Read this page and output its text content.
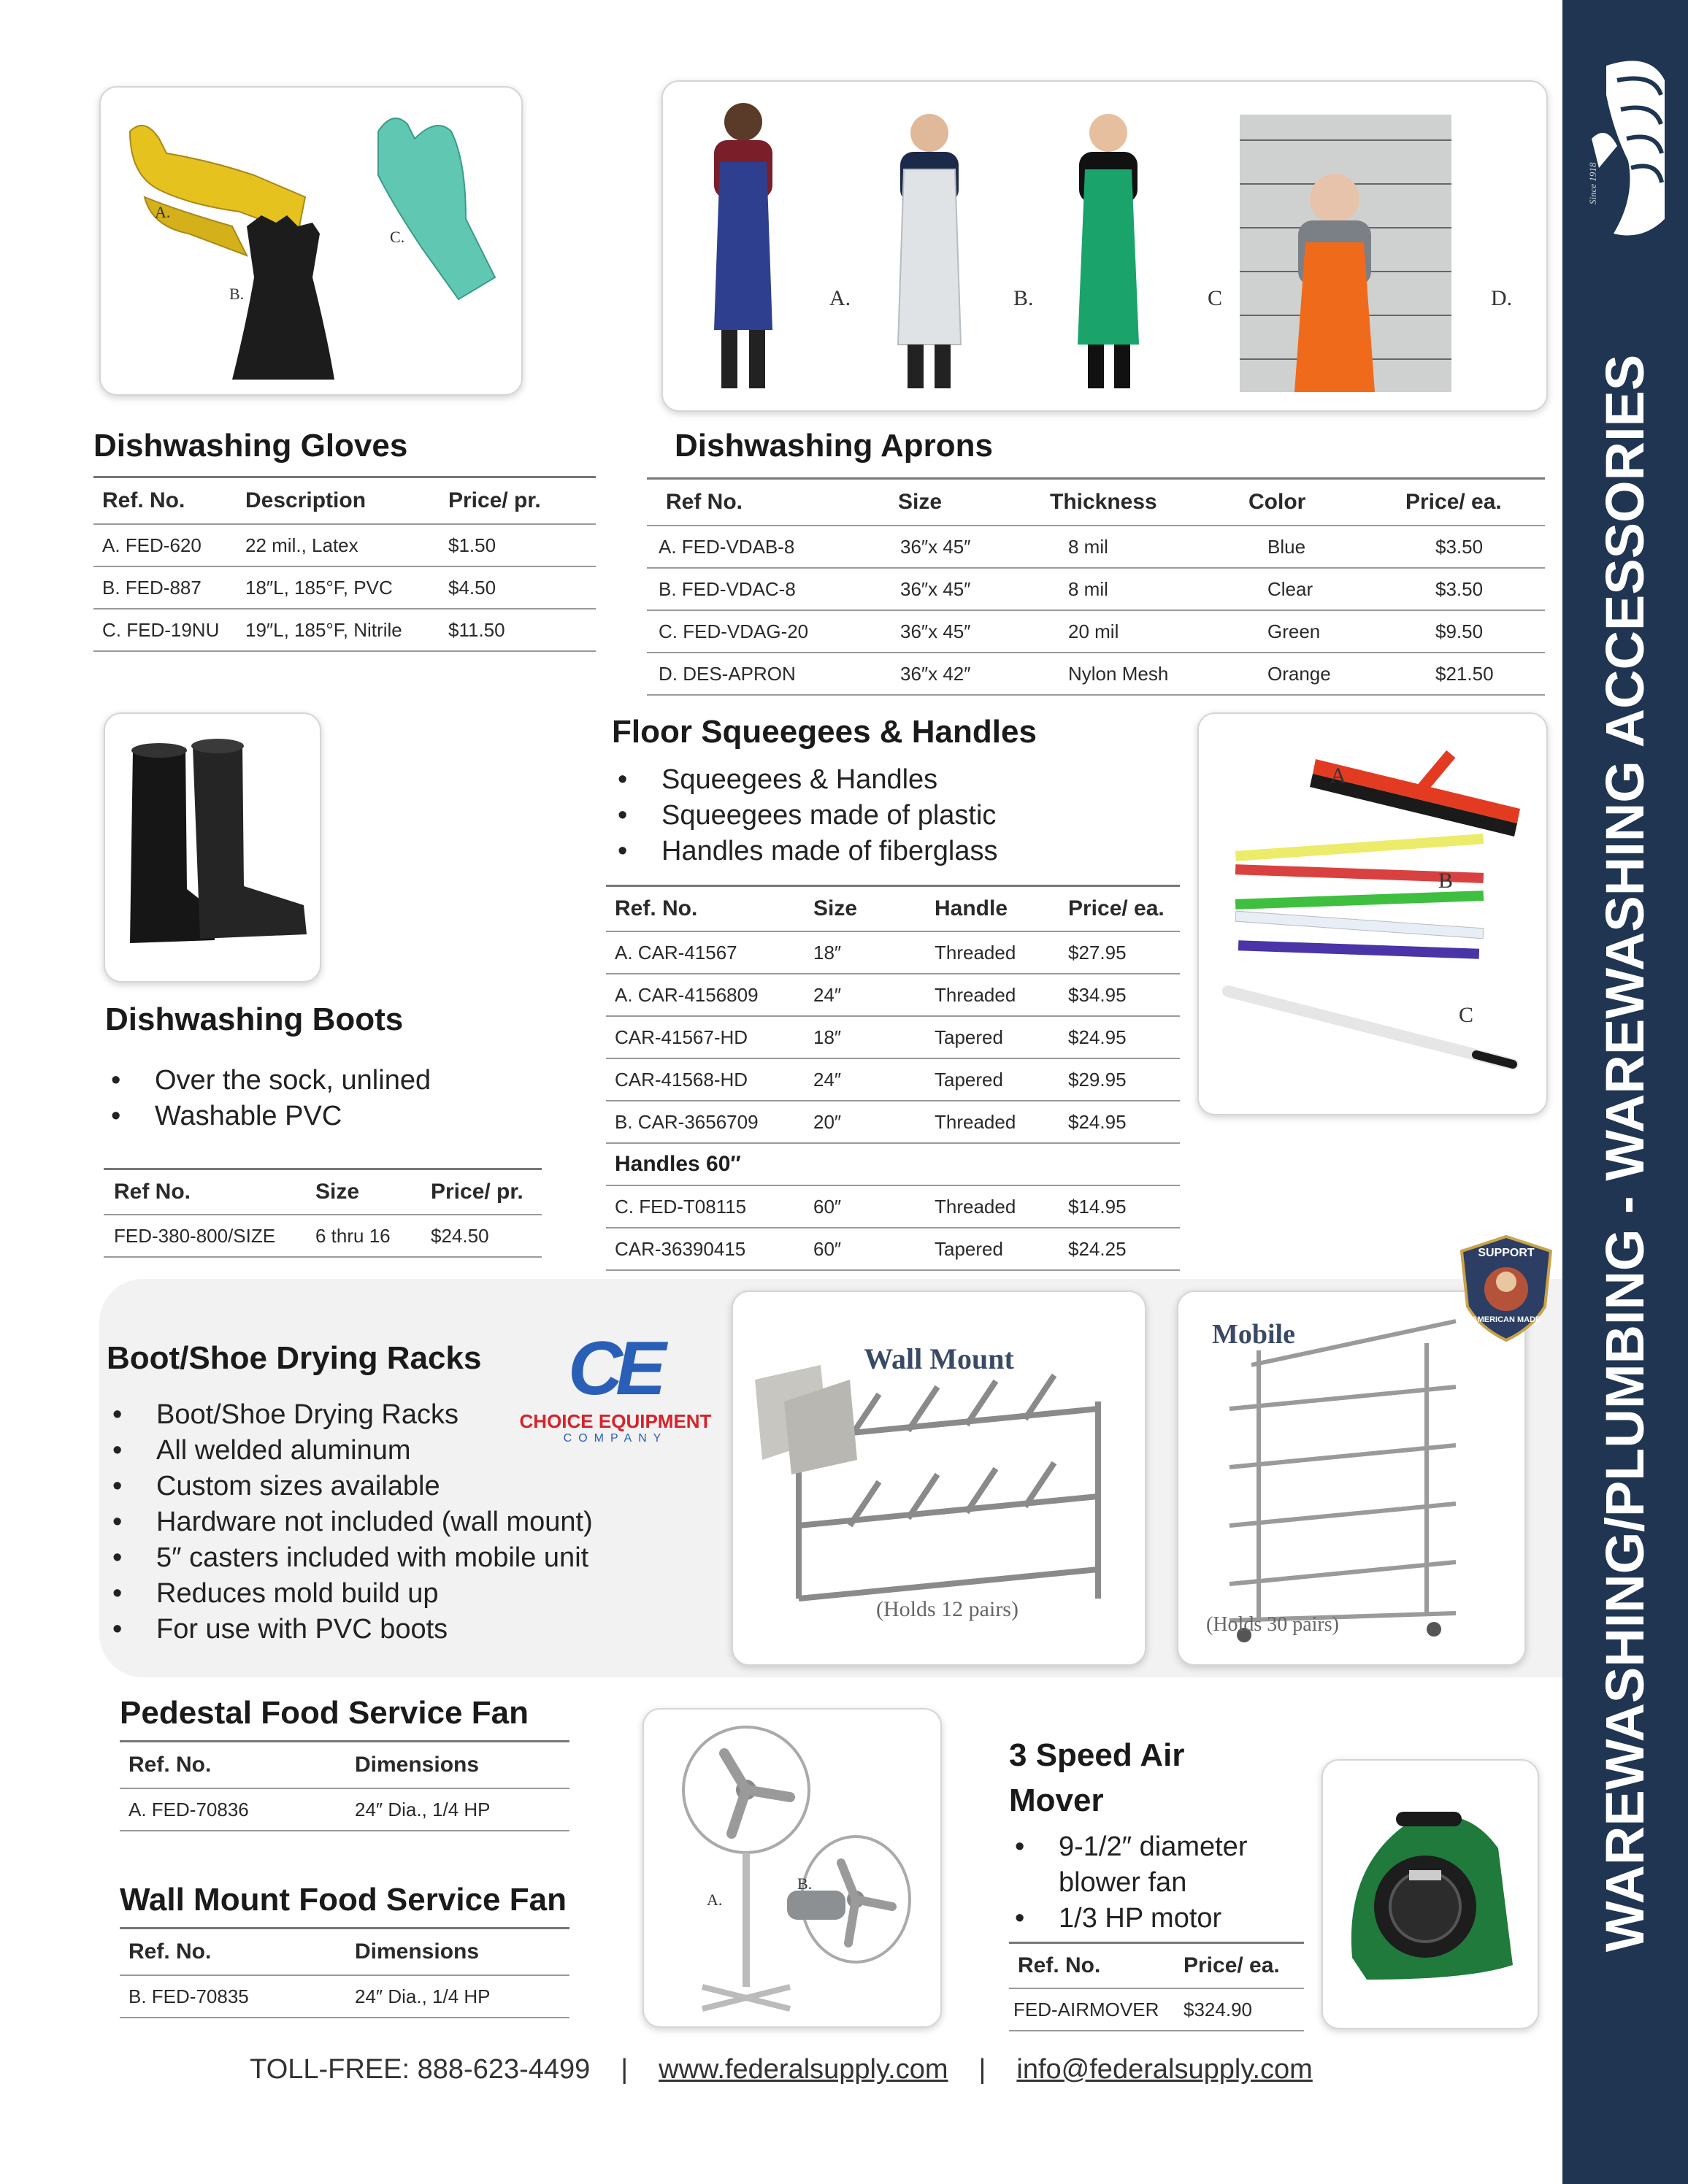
Since 1918
WAREWASHING/PLUMBING - WAREWASHING ACCESSORIES
A.
B.
C.
Dishwashing Gloves
Ref. No.	Description	Price/ pr.
A. FED-620	22 mil., Latex	$1.50
B. FED-887	18″L, 185°F, PVC	$4.50
C. FED-19NU	19″L, 185°F, Nitrile	$11.50
A.	B.	C	D.
Dishwashing Aprons
Ref No.	Size	Thickness	Color	Price/ ea.
A. FED-VDAB-8	36″x 45″	8 mil	Blue	$3.50
B. FED-VDAC-8	36″x 45″	8 mil	Clear	$3.50
C. FED-VDAG-20	36″x 45″	20 mil	Green	$9.50
D. DES-APRON	36″x 42″	Nylon Mesh	Orange	$21.50
Dishwashing Boots
• Over the sock, unlined
• Washable PVC
Ref No.	Size	Price/ pr.
FED-380-800/SIZE	6 thru 16	$24.50
Floor Squeegees & Handles
• Squeegees & Handles
• Squeegees made of plastic
• Handles made of fiberglass
Ref. No.	Size	Handle	Price/ ea.
A. CAR-41567	18″	Threaded	$27.95
A. CAR-4156809	24″	Threaded	$34.95
CAR-41567-HD	18″	Tapered	$24.95
CAR-41568-HD	24″	Tapered	$29.95
B. CAR-3656709	20″	Threaded	$24.95
Handles 60″
C. FED-T08115	60″	Threaded	$14.95
CAR-36390415	60″	Tapered	$24.25
A
B
C
Boot/Shoe Drying Racks
• Boot/Shoe Drying Racks
• All welded aluminum
• Custom sizes available
• Hardware not included (wall mount)
• 5″ casters included with mobile unit
• Reduces mold build up
• For use with PVC boots
CE
CHOICE EQUIPMENT
COMPANY
Wall Mount
(Holds 12 pairs)
Mobile
(Holds 30 pairs)
SUPPORT
AMERICAN MADE
Pedestal Food Service Fan
Ref. No.	Dimensions
A. FED-70836	24″ Dia., 1/4 HP
Wall Mount Food Service Fan
Ref. No.	Dimensions
B. FED-70835	24″ Dia., 1/4 HP
A.
B.
3 Speed Air
Mover
• 9-1/2″ diameter
blower fan
• 1/3 HP motor
Ref. No.	Price/ ea.
FED-AIRMOVER	$324.90
TOLL-FREE: 888-623-4499 | www.federalsupply.com | info@federalsupply.com
